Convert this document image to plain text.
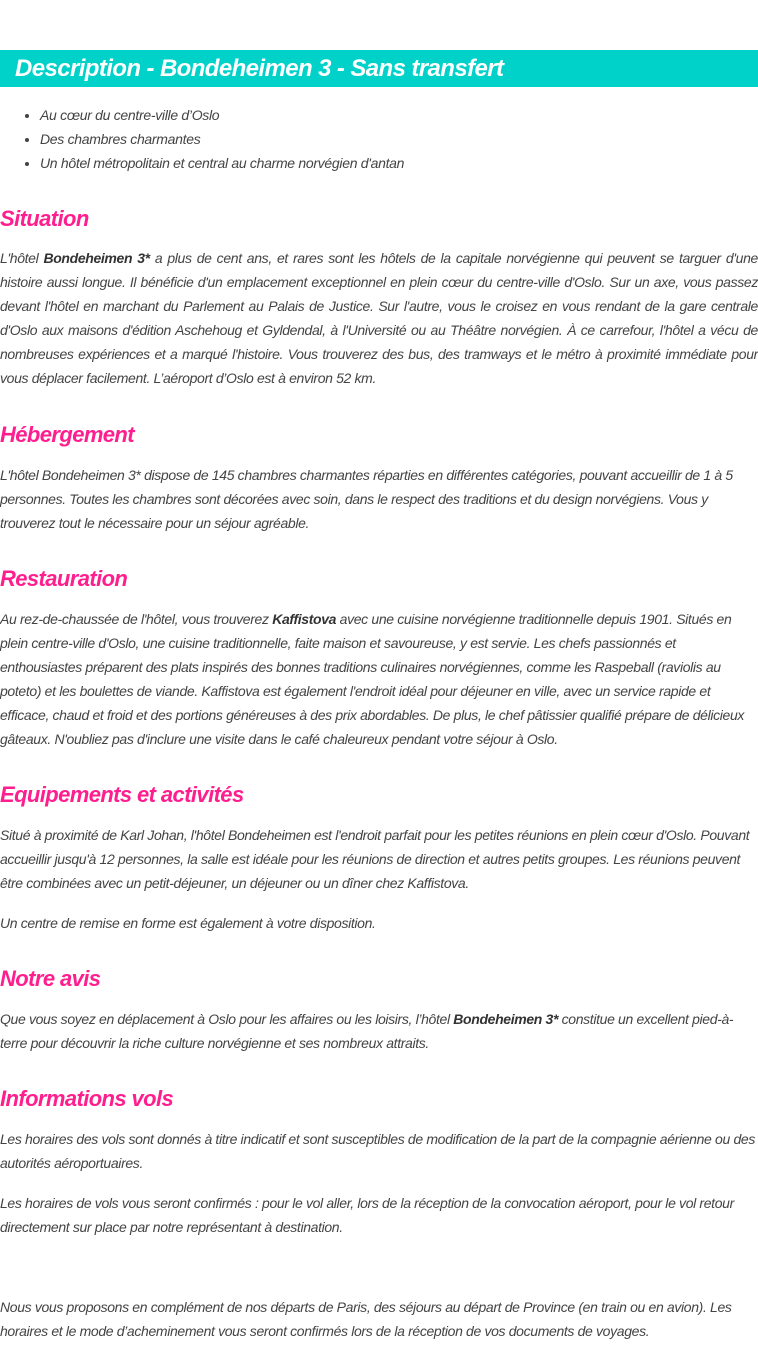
Description - Bondeheimen 3 - Sans transfert
• Au cœur du centre-ville d’Oslo
• Des chambres charmantes
• Un hôtel métropolitain et central au charme norvégien d'antan
Situation

L'hôtel Bondeheimen 3* a plus de cent ans, et rares sont les hôtels de la capitale norvégienne qui peuvent se targuer d'une histoire aussi longue. Il bénéficie d'un emplacement exceptionnel en plein cœur du centre-ville d'Oslo. Sur un axe, vous passez devant l'hôtel en marchant du Parlement au Palais de Justice. Sur l'autre, vous le croisez en vous rendant de la gare centrale d'Oslo aux maisons d'édition Aschehoug et Gyldendal, à l'Université ou au Théâtre norvégien. À ce carrefour, l'hôtel a vécu de nombreuses expériences et a marqué l'histoire. Vous trouverez des bus, des tramways et le métro à proximité immédiate pour vous déplacer facilement. L’aéroport d’Oslo est à environ 52 km.

Hébergement

L'hôtel Bondeheimen 3* dispose de 145 chambres charmantes réparties en différentes catégories, pouvant accueillir de 1 à 5 personnes. Toutes les chambres sont décorées avec soin, dans le respect des traditions et du design norvégiens. Vous y trouverez tout le nécessaire pour un séjour agréable.

Restauration

Au rez-de-chaussée de l'hôtel, vous trouverez Kaffistova avec une cuisine norvégienne traditionnelle depuis 1901. Situés en plein centre-ville d'Oslo, une cuisine traditionnelle, faite maison et savoureuse, y est servie. Les chefs passionnés et enthousiastes préparent des plats inspirés des bonnes traditions culinaires norvégiennes, comme les Raspeball (raviolis au poteto) et les boulettes de viande. Kaffistova est également l'endroit idéal pour déjeuner en ville, avec un service rapide et efficace, chaud et froid et des portions généreuses à des prix abordables. De plus, le chef pâtissier qualifié prépare de délicieux gâteaux. N'oubliez pas d'inclure une visite dans le café chaleureux pendant votre séjour à Oslo.

Equipements et activités

Situé à proximité de Karl Johan, l'hôtel Bondeheimen est l'endroit parfait pour les petites réunions en plein cœur d'Oslo. Pouvant accueillir jusqu'à 12 personnes, la salle est idéale pour les réunions de direction et autres petits groupes. Les réunions peuvent être combinées avec un petit-déjeuner, un déjeuner ou un dîner chez Kaffistova.

Un centre de remise en forme est également à votre disposition.

Notre avis

Que vous soyez en déplacement à Oslo pour les affaires ou les loisirs, l’hôtel Bondeheimen 3* constitue un excellent pied-à-terre pour découvrir la riche culture norvégienne et ses nombreux attraits.

Informations vols

Les horaires des vols sont donnés à titre indicatif et sont susceptibles de modification de la part de la compagnie aérienne ou des autorités aéroportuaires.

Les horaires de vols vous seront confirmés : pour le vol aller, lors de la réception de la convocation aéroport, pour le vol retour directement sur place par notre représentant à destination.

Nous vous proposons en complément de nos départs de Paris, des séjours au départ de Province (en train ou en avion). Les horaires et le mode d’acheminement vous seront confirmés lors de la réception de vos documents de voyages.
